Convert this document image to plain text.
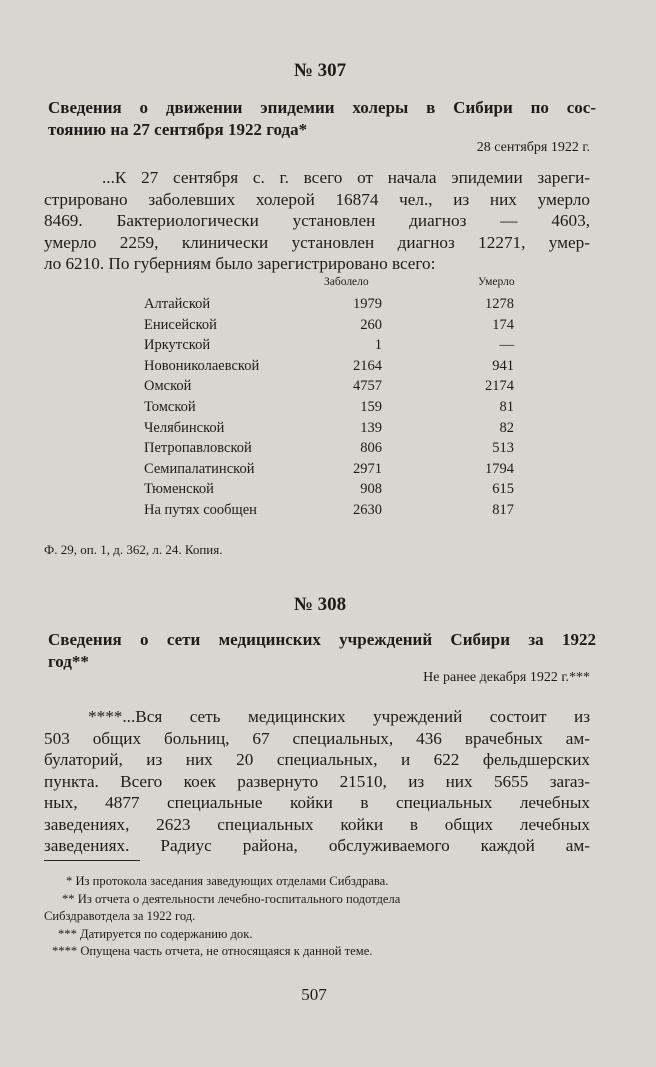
№ 307
Сведения о движении эпидемии холеры в Сибири по сос-
тоянию на 27 сентября 1922 года*
28 сентября 1922 г.
...К 27 сентября с. г. всего от начала эпидемии зареги-
стрировано заболевших холерой 16874 чел., из них умерло
8469. Бактериологически установлен диагноз — 4603,
умерло 2259, клинически установлен диагноз 12271, умер-
ло 6210. По губерниям было зарегистрировано всего:
Заболело	Умерло
Алтайской	1979	1278
Енисейской	260	174
Иркутской	1	—
Новониколаевской	2164	941
Омской	4757	2174
Томской	159	81
Челябинской	139	82
Петропавловской	806	513
Семипалатинской	2971	1794
Тюменской	908	615
На путях сообщен	2630	817
Ф. 29, оп. 1, д. 362, л. 24. Копия.
№ 308
Сведения о сети медицинских учреждений Сибири за 1922
год**
Не ранее декабря 1922 г.***
****...Вся сеть медицинских учреждений состоит из
503 общих больниц, 67 специальных, 436 врачебных ам-
булаторий, из них 20 специальных, и 622 фельдшерских
пункта. Всего коек развернуто 21510, из них 5655 заraз-
ных, 4877 специальные койки в специальных лечебных
заведениях, 2623 специальных койки в общих лечебных
заведениях. Радиус района, обслуживаемого каждой ам-
* Из протокола заседания заведующих отделами Сибздрава.
** Из отчета о деятельности лечебно-госпитального подотдела
Сибздравотдела за 1922 год.
*** Датируется по содержанию док.
**** Опущена часть отчета, не относящаяся к данной теме.
507
